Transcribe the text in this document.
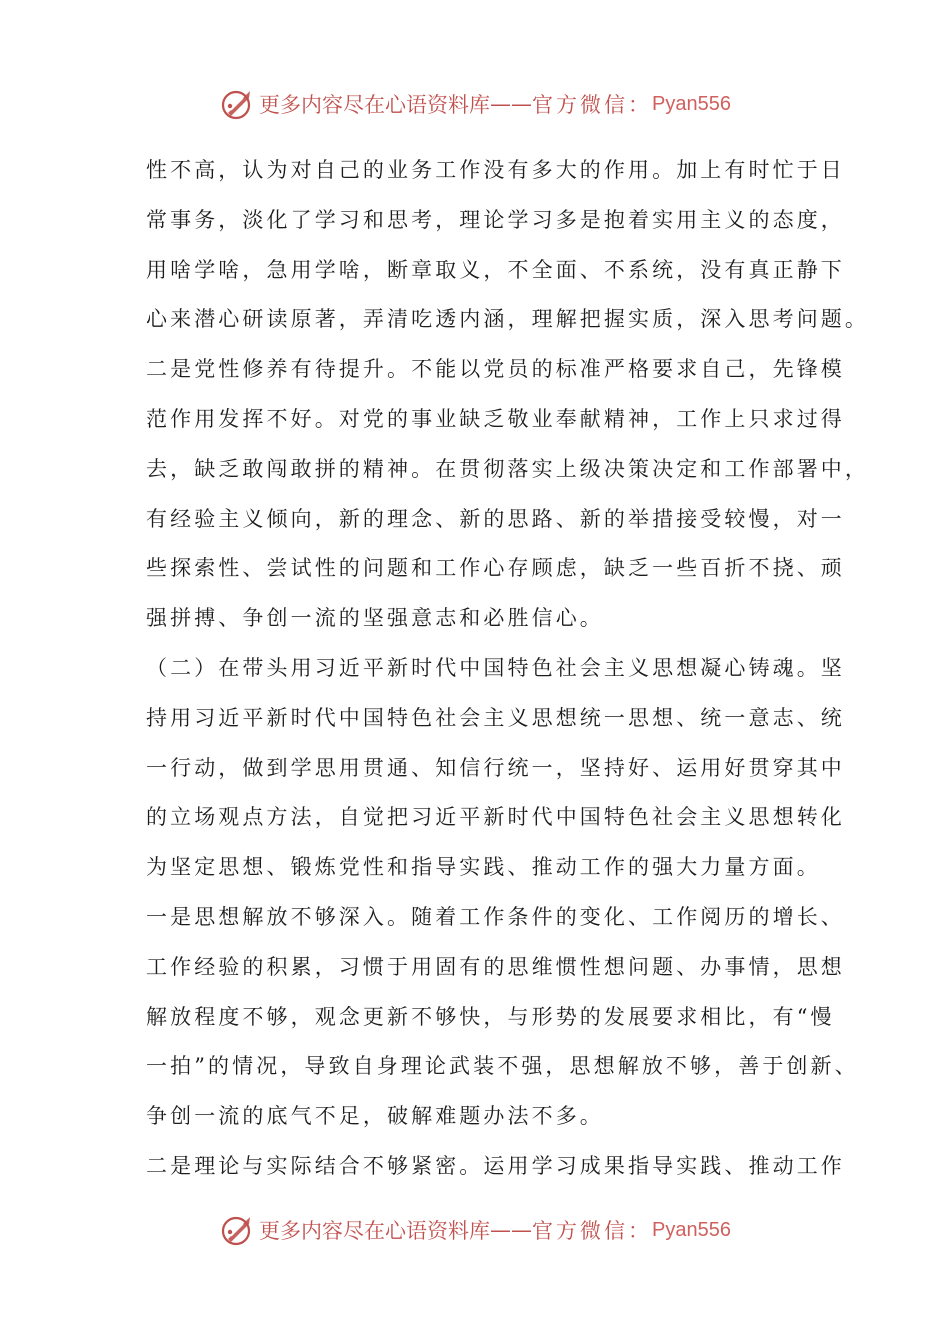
更多内容尽在心语资料库 —— 官方微信： Pyan556
性不高，认为对自己的业务工作没有多大的作用。加上有时忙于日
常事务，淡化了学习和思考，理论学习多是抱着实用主义的态度，
用啥学啥，急用学啥，断章取义，不全面、不系统，没有真正静下
心来潜心研读原著，弄清吃透内涵，理解把握实质，深入思考问题。
二是党性修养有待提升。不能以党员的标准严格要求自己，先锋模
范作用发挥不好。对党的事业缺乏敬业奉献精神，工作上只求过得
去，缺乏敢闯敢拼的精神。在贯彻落实上级决策决定和工作部署中，
有经验主义倾向，新的理念、新的思路、新的举措接受较慢，对一
些探索性、尝试性的问题和工作心存顾虑，缺乏一些百折不挠、顽
强拼搏、争创一流的坚强意志和必胜信心。
（二）在带头用习近平新时代中国特色社会主义思想凝心铸魂。坚
持用习近平新时代中国特色社会主义思想统一思想、统一意志、统
一行动，做到学思用贯通、知信行统一，坚持好、运用好贯穿其中
的立场观点方法，自觉把习近平新时代中国特色社会主义思想转化
为坚定思想、锻炼党性和指导实践、推动工作的强大力量方面。
一是思想解放不够深入。随着工作条件的变化、工作阅历的增长、
工作经验的积累，习惯于用固有的思维惯性想问题、办事情，思想
解放程度不够，观念更新不够快，与形势的发展要求相比，有“慢
一拍”的情况，导致自身理论武装不强，思想解放不够，善于创新、
争创一流的底气不足，破解难题办法不多。
二是理论与实际结合不够紧密。运用学习成果指导实践、推动工作
更多内容尽在心语资料库 —— 官方微信： Pyan556
